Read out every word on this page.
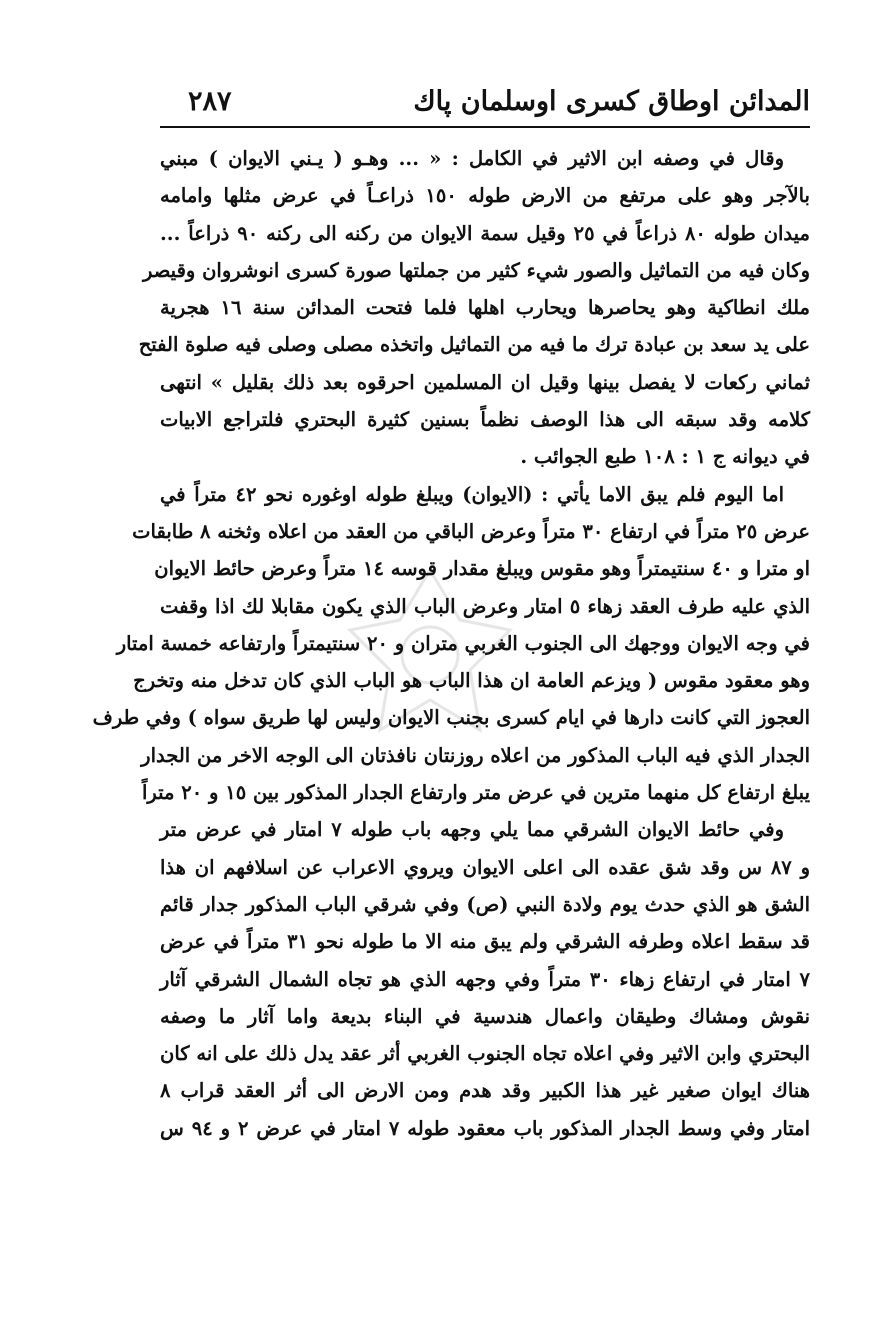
المدائن اوطاق كسرى اوسلمان پاك
٢٨٧
وقال في وصفه ابن الاثير في الكامل : « ... وهـو ( يـني الايوان ) مبني
بالآجر وهو على مرتفع من الارض طوله ١٥٠ ذراعـاً في عرض مثلها وامامه
ميدان طوله ٨٠ ذراعاً في ٢٥ وقيل سمة الايوان من ركنه الى ركنه ٩٠ ذراعاً ...
وكان فيه من التماثيل والصور شيء كثير من جملتها صورة كسرى انوشروان وقيصر
ملك انطاكية وهو يحاصرها ويحارب اهلها فلما فتحت المدائن سنة ١٦ هجرية
على يد سعد بن عبادة ترك ما فيه من التماثيل واتخذه مصلى وصلى فيه صلوة الفتح
ثماني ركعات لا يفصل بينها وقيل ان المسلمين احرقوه بعد ذلك بقليل » انتهى
كلامه وقد سبقه الى هذا الوصف نظماً بسنين كثيرة البحتري فلتراجع الابيات
في ديوانه ج ١ : ١٠٨ طبع الجوائب .
اما اليوم فلم يبق الاما يأتي : (الايوان) ويبلغ طوله اوغوره نحو ٤٢ متراً في
عرض ٢٥ متراً في ارتفاع ٣٠ متراً وعرض الباقي من العقد من اعلاه وثخنه ٨ طابقات
او مترا و ٤٠ سنتيمتراً وهو مقوس ويبلغ مقدار قوسه ١٤ متراً وعرض حائط الايوان
الذي عليه طرف العقد زهاء ٥ امتار وعرض الباب الذي يكون مقابلا لك اذا وقفت
في وجه الايوان ووجهك الى الجنوب الغربي متران و ٢٠ سنتيمتراً وارتفاعه خمسة امتار
وهو معقود مقوس ( ويزعم العامة ان هذا الباب هو الباب الذي كان تدخل منه وتخرج
العجوز التي كانت دارها في ايام كسرى بجنب الايوان وليس لها طريق سواه ) وفي طرف
الجدار الذي فيه الباب المذكور من اعلاه روزنتان نافذتان الى الوجه الاخر من الجدار
يبلغ ارتفاع كل منهما مترين في عرض متر وارتفاع الجدار المذكور بين ١٥ و ٢٠ متراً
وفي حائط الايوان الشرقي مما يلي وجهه باب طوله ٧ امتار في عرض متر
و ٨٧ س وقد شق عقده الى اعلى الايوان ويروي الاعراب عن اسلافهم ان هذا
الشق هو الذي حدث يوم ولادة النبي (ص) وفي شرقي الباب المذكور جدار قائم
قد سقط اعلاه وطرفه الشرقي ولم يبق منه الا ما طوله نحو ٣١ متراً في عرض
٧ امتار في ارتفاع زهاء ٣٠ متراً وفي وجهه الذي هو تجاه الشمال الشرقي آثار
نقوش ومشاك وطيقان واعمال هندسية في البناء بديعة واما آثار ما وصفه
البحتري وابن الاثير وفي اعلاه تجاه الجنوب الغربي أثر عقد يدل ذلك على انه كان
هناك ايوان صغير غير هذا الكبير وقد هدم ومن الارض الى أثر العقد قراب ٨
امتار وفي وسط الجدار المذكور باب معقود طوله ٧ امتار في عرض ٢ و ٩٤ س
